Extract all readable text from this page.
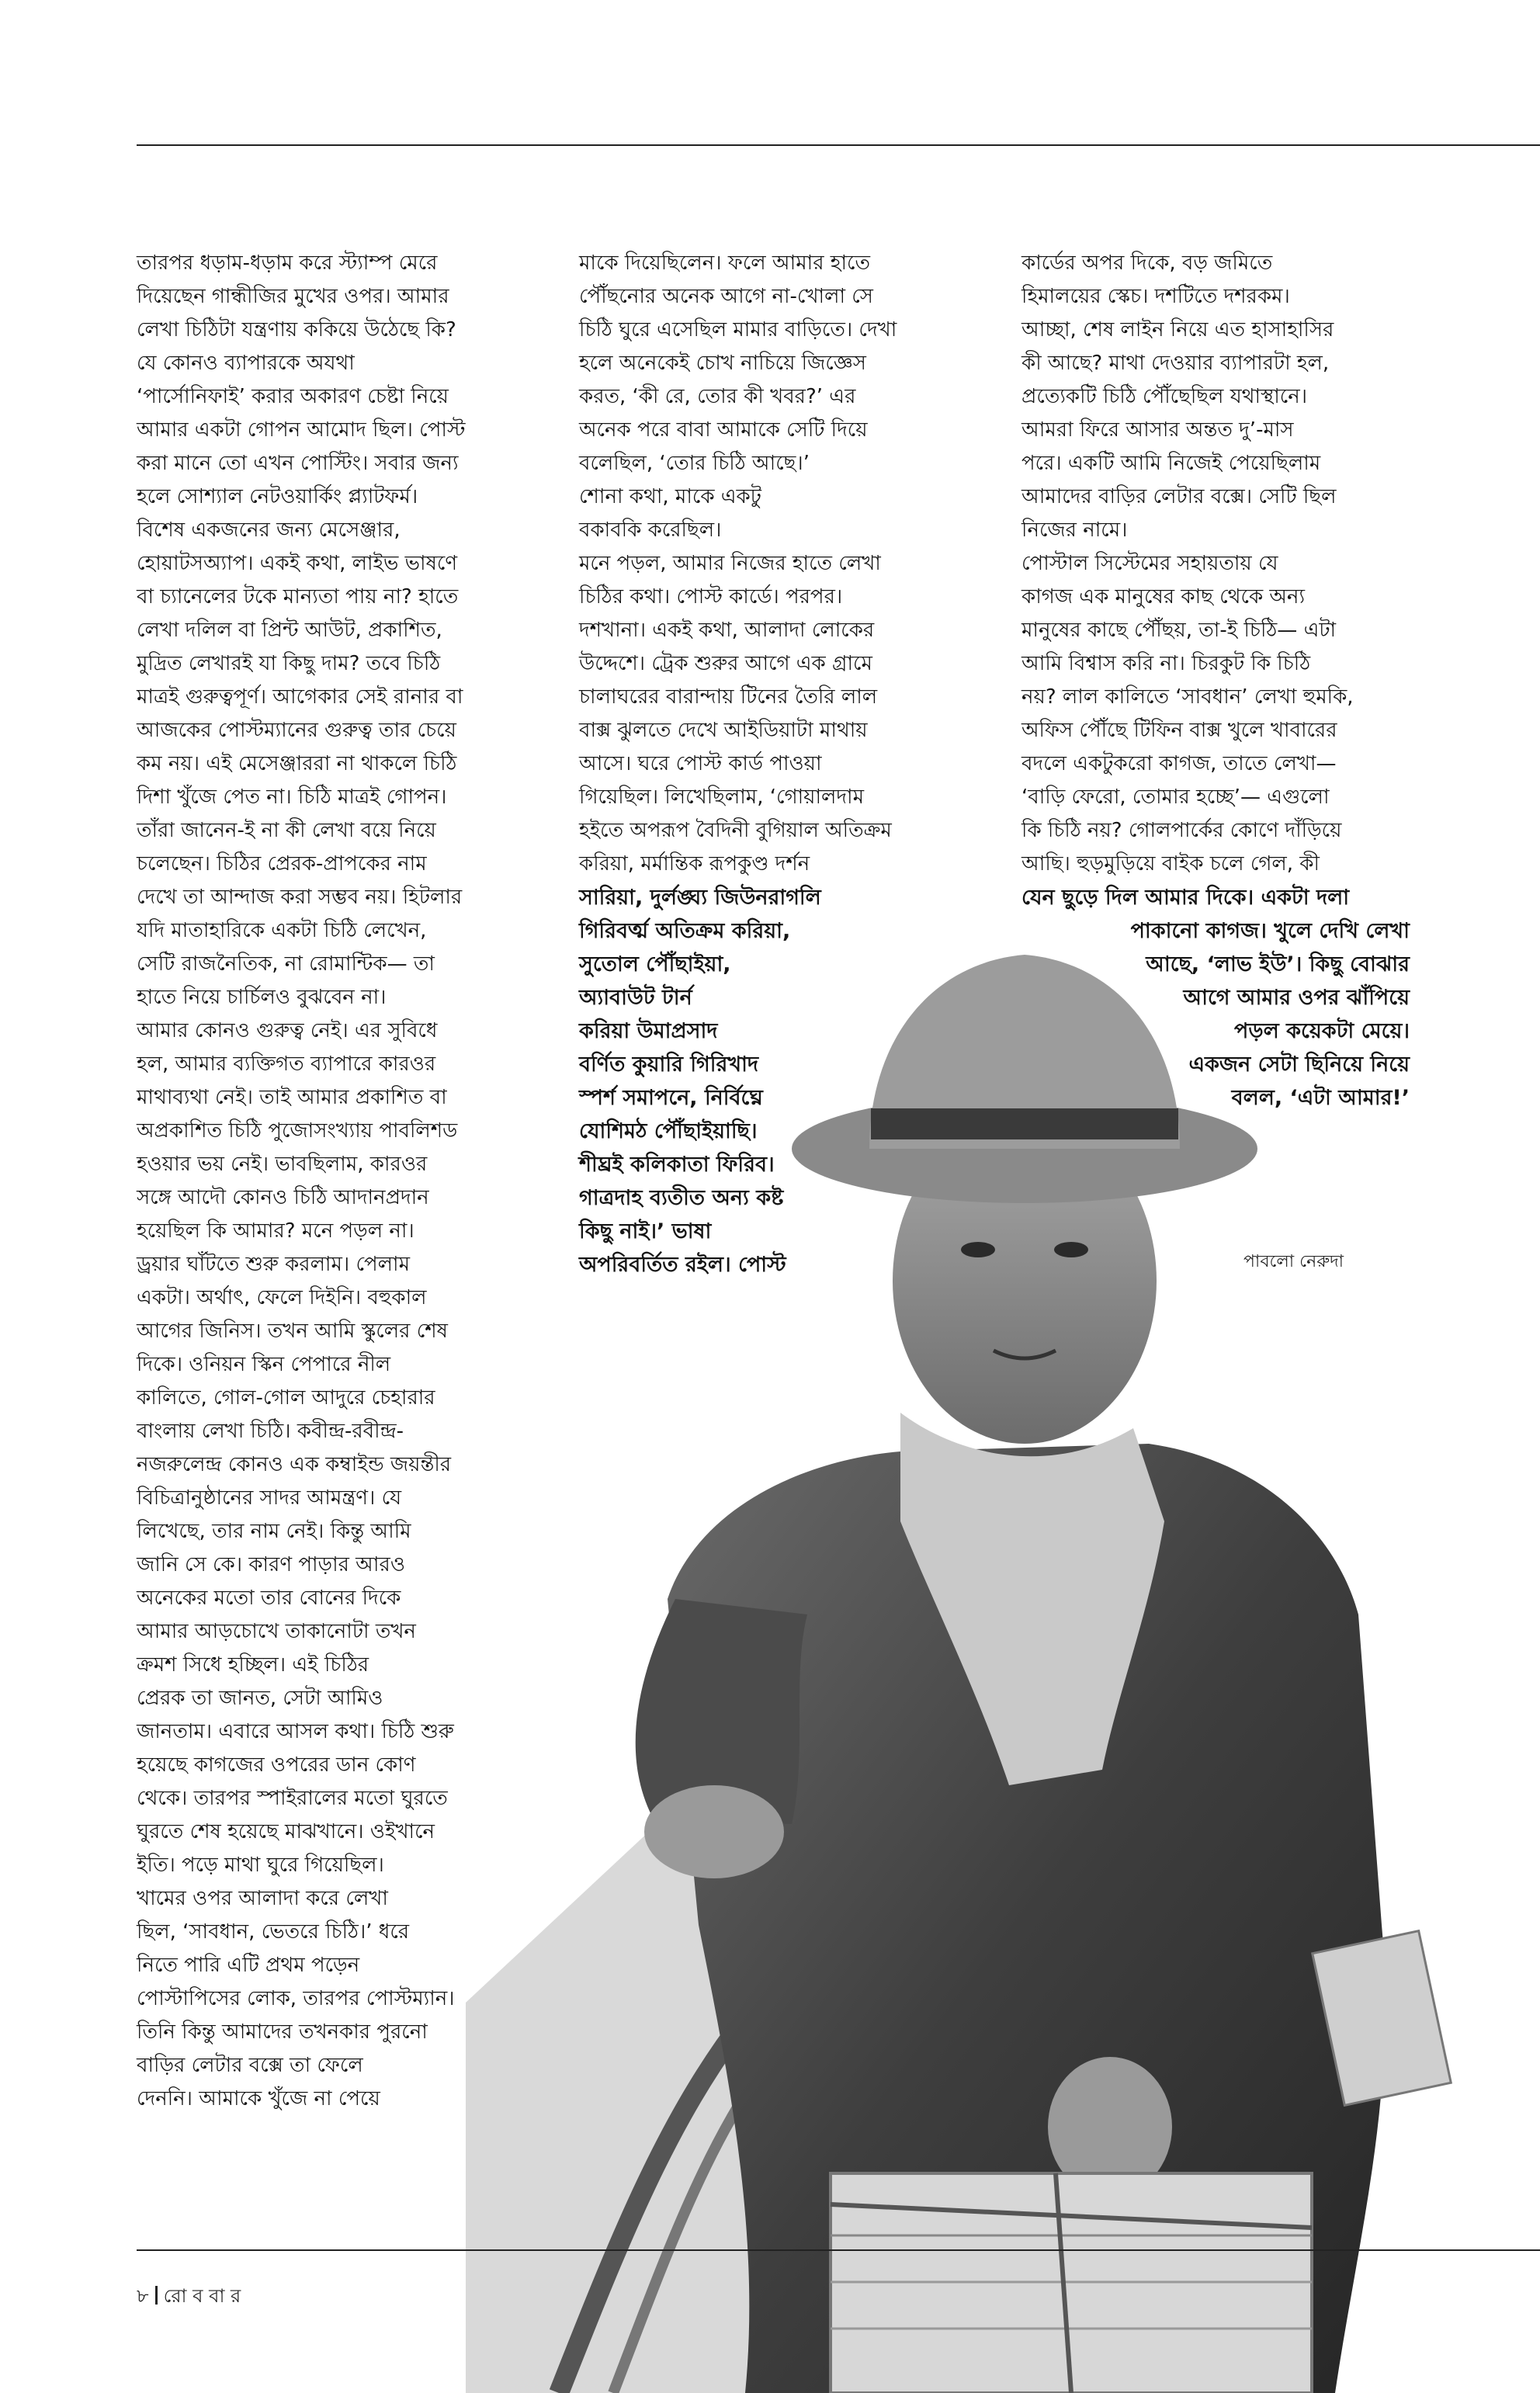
তারপর ধড়াম-ধড়াম করে স্ট্যাম্প মেরে
দিয়েছেন গান্ধীজির মুখের ওপর। আমার
লেখা চিঠিটা যন্ত্রণায় ককিয়ে উঠেছে কি?
যে কোনও ব্যাপারকে অযথা
‘পার্সোনিফাই’ করার অকারণ চেষ্টা নিয়ে
আমার একটা গোপন আমোদ ছিল। পোস্ট
করা মানে তো এখন পোস্টিং। সবার জন্য
হলে সোশ্যাল নেটওয়ার্কিং প্ল্যাটফর্ম।
বিশেষ একজনের জন্য মেসেঞ্জার,
হোয়াটসঅ্যাপ। একই কথা, লাইভ ভাষণে
বা চ্যানেলের টকে মান্যতা পায় না? হাতে
লেখা দলিল বা প্রিন্ট আউট, প্রকাশিত,
মুদ্রিত লেখারই যা কিছু দাম? তবে চিঠি
মাত্রই গুরুত্বপূর্ণ। আগেকার সেই রানার বা
আজকের পোস্টম্যানের গুরুত্ব তার চেয়ে
কম নয়। এই মেসেঞ্জাররা না থাকলে চিঠি
দিশা খুঁজে পেত না। চিঠি মাত্রই গোপন।
তাঁরা জানেন-ই না কী লেখা বয়ে নিয়ে
চলেছেন। চিঠির প্রেরক-প্রাপকের নাম
দেখে তা আন্দাজ করা সম্ভব নয়। হিটলার
যদি মাতাহারিকে একটা চিঠি লেখেন,
সেটি রাজনৈতিক, না রোমান্টিক— তা
হাতে নিয়ে চার্চিলও বুঝবেন না।
আমার কোনও গুরুত্ব নেই। এর সুবিধে
হল, আমার ব্যক্তিগত ব্যাপারে কারওর
মাথাব্যথা নেই। তাই আমার প্রকাশিত বা
অপ্রকাশিত চিঠি পুজোসংখ্যায় পাবলিশড
হওয়ার ভয় নেই। ভাবছিলাম, কারওর
সঙ্গে আদৌ কোনও চিঠি আদানপ্রদান
হয়েছিল কি আমার? মনে পড়ল না।
ড্রয়ার ঘাঁটতে শুরু করলাম। পেলাম
একটা। অর্থাৎ, ফেলে দিইনি। বহুকাল
আগের জিনিস। তখন আমি স্কুলের শেষ
দিকে। ওনিয়ন স্কিন পেপারে নীল
কালিতে, গোল-গোল আদুরে চেহারার
বাংলায় লেখা চিঠি। কবীন্দ্র-রবীন্দ্র-
নজরুলেন্দ্র কোনও এক কম্বাইন্ড জয়ন্তীর
বিচিত্রানুষ্ঠানের সাদর আমন্ত্রণ। যে
লিখেছে, তার নাম নেই। কিন্তু আমি
জানি সে কে। কারণ পাড়ার আরও
অনেকের মতো তার বোনের দিকে
আমার আড়চোখে তাকানোটা তখন
ক্রমশ সিধে হচ্ছিল। এই চিঠির
প্রেরক তা জানত, সেটা আমিও
জানতাম। এবারে আসল কথা। চিঠি শুরু
হয়েছে কাগজের ওপরের ডান কোণ
থেকে। তারপর স্পাইরালের মতো ঘুরতে
ঘুরতে শেষ হয়েছে মাঝখানে। ওইখানে
ইতি। পড়ে মাথা ঘুরে গিয়েছিল।
খামের ওপর আলাদা করে লেখা
ছিল, ‘সাবধান, ভেতরে চিঠি।’ ধরে
নিতে পারি এটি প্রথম পড়েন
পোস্টাপিসের লোক, তারপর পোস্টম্যান।
তিনি কিন্তু আমাদের তখনকার পুরনো
বাড়ির লেটার বক্সে তা ফেলে
দেননি। আমাকে খুঁজে না পেয়ে
মাকে দিয়েছিলেন। ফলে আমার হাতে
পৌঁছনোর অনেক আগে না-খোলা সে
চিঠি ঘুরে এসেছিল মামার বাড়িতে। দেখা
হলে অনেকেই চোখ নাচিয়ে জিজ্ঞেস
করত, ‘কী রে, তোর কী খবর?’ এর
অনেক পরে বাবা আমাকে সেটি দিয়ে
বলেছিল, ‘তোর চিঠি আছে।’
শোনা কথা, মাকে একটু
বকাবকি করেছিল।
মনে পড়ল, আমার নিজের হাতে লেখা
চিঠির কথা। পোস্ট কার্ডে। পরপর।
দশখানা। একই কথা, আলাদা লোকের
উদ্দেশে। ট্রেক শুরুর আগে এক গ্রামে
চালাঘরের বারান্দায় টিনের তৈরি লাল
বাক্স ঝুলতে দেখে আইডিয়াটা মাথায়
আসে। ঘরে পোস্ট কার্ড পাওয়া
গিয়েছিল। লিখেছিলাম, ‘গোয়ালদাম
হইতে অপরূপ বৈদিনী বুগিয়াল অতিক্রম
করিয়া, মর্মান্তিক রূপকুণ্ড দর্শন
সারিয়া, দুর্লঙ্ঘ্য জিউনরাগলি
গিরিবর্ত্ম অতিক্রম করিয়া,
সুতোল পৌঁছাইয়া,
অ্যাবাউট টার্ন
করিয়া উমাপ্রসাদ
বর্ণিত কুয়ারি গিরিখাদ
স্পর্শ সমাপনে, নির্বিঘ্নে
যোশিমঠ পৌঁছাইয়াছি।
শীঘ্রই কলিকাতা ফিরিব।
গাত্রদাহ ব্যতীত অন্য কষ্ট
কিছু নাই।’ ভাষা
অপরিবর্তিত রইল। পোস্ট
কার্ডের অপর দিকে, বড় জমিতে
হিমালয়ের স্কেচ। দশটিতে দশরকম।
আচ্ছা, শেষ লাইন নিয়ে এত হাসাহাসির
কী আছে? মাথা দেওয়ার ব্যাপারটা হল,
প্রত্যেকটি চিঠি পৌঁছেছিল যথাস্থানে।
আমরা ফিরে আসার অন্তত দু’-মাস
পরে। একটি আমি নিজেই পেয়েছিলাম
আমাদের বাড়ির লেটার বক্সে। সেটি ছিল
নিজের নামে।
পোস্টাল সিস্টেমের সহায়তায় যে
কাগজ এক মানুষের কাছ থেকে অন্য
মানুষের কাছে পৌঁছয়, তা-ই চিঠি— এটা
আমি বিশ্বাস করি না। চিরকুট কি চিঠি
নয়? লাল কালিতে ‘সাবধান’ লেখা হুমকি,
অফিস পৌঁছে টিফিন বাক্স খুলে খাবারের
বদলে একটুকরো কাগজ, তাতে লেখা—
‘বাড়ি ফেরো, তোমার হচ্ছে’— এগুলো
কি চিঠি নয়? গোলপার্কের কোণে দাঁড়িয়ে
আছি। হুড়মুড়িয়ে বাইক চলে গেল, কী
যেন ছুড়ে দিল আমার দিকে। একটা দলা
পাকানো কাগজ। খুলে দেখি লেখা
আছে, ‘লাভ ইউ’। কিছু বোঝার
আগে আমার ওপর ঝাঁপিয়ে
পড়ল কয়েকটা মেয়ে।
একজন সেটা ছিনিয়ে নিয়ে
বলল, ‘এটা আমার!’
পাবলো নেরুদা
৮ রো ব বা র
